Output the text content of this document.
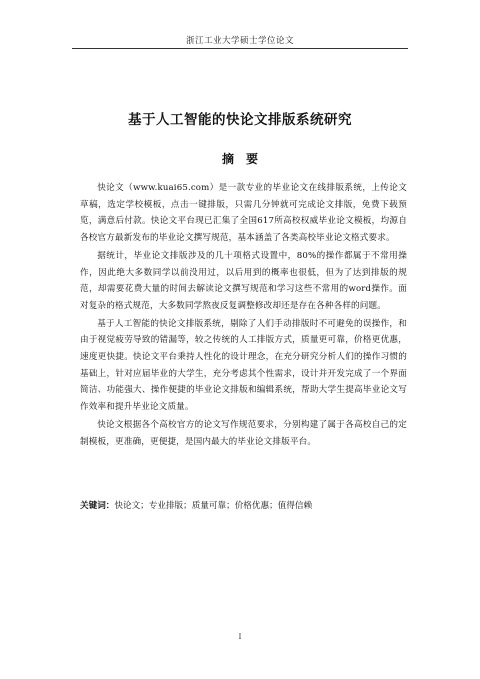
浙江工业大学硕士学位论文
基于人工智能的快论文排版系统研究
摘　要

快论文（www.kuai65.com）是一款专业的毕业论文在线排版系统，上传论文草稿，选定学校模板，点击一键排版，只需几分钟就可完成论文排版，免费下载预览，满意后付款。快论文平台现已汇集了全国617所高校权威毕业论文模板，均源自各校官方最新发布的毕业论文撰写规范，基本涵盖了各类高校毕业论文格式要求。

据统计，毕业论文排版涉及的几十项格式设置中，80%的操作都属于不常用操作，因此绝大多数同学以前没用过，以后用到的概率也很低，但为了达到排版的规范，却需要花费大量的时间去解读论文撰写规范和学习这些不常用的word操作。面对复杂的格式规范，大多数同学熬夜反复调整修改却还是存在各种各样的问题。

基于人工智能的快论文排版系统，剔除了人们手动排版时不可避免的误操作，和由于视觉疲劳导致的错漏等，较之传统的人工排版方式，质量更可靠，价格更优惠，速度更快捷。快论文平台秉持人性化的设计理念，在充分研究分析人们的操作习惯的基础上，针对应届毕业的大学生，充分考虑其个性需求，设计并开发完成了一个界面简洁、功能强大、操作便捷的毕业论文排版和编辑系统，帮助大学生提高毕业论文写作效率和提升毕业论文质量。

快论文根据各个高校官方的论文写作规范要求，分别构建了属于各高校自己的定制模板，更准确，更便捷，是国内最大的毕业论文排版平台。

关键词：快论文；专业排版；质量可靠；价格优惠；值得信赖
I
